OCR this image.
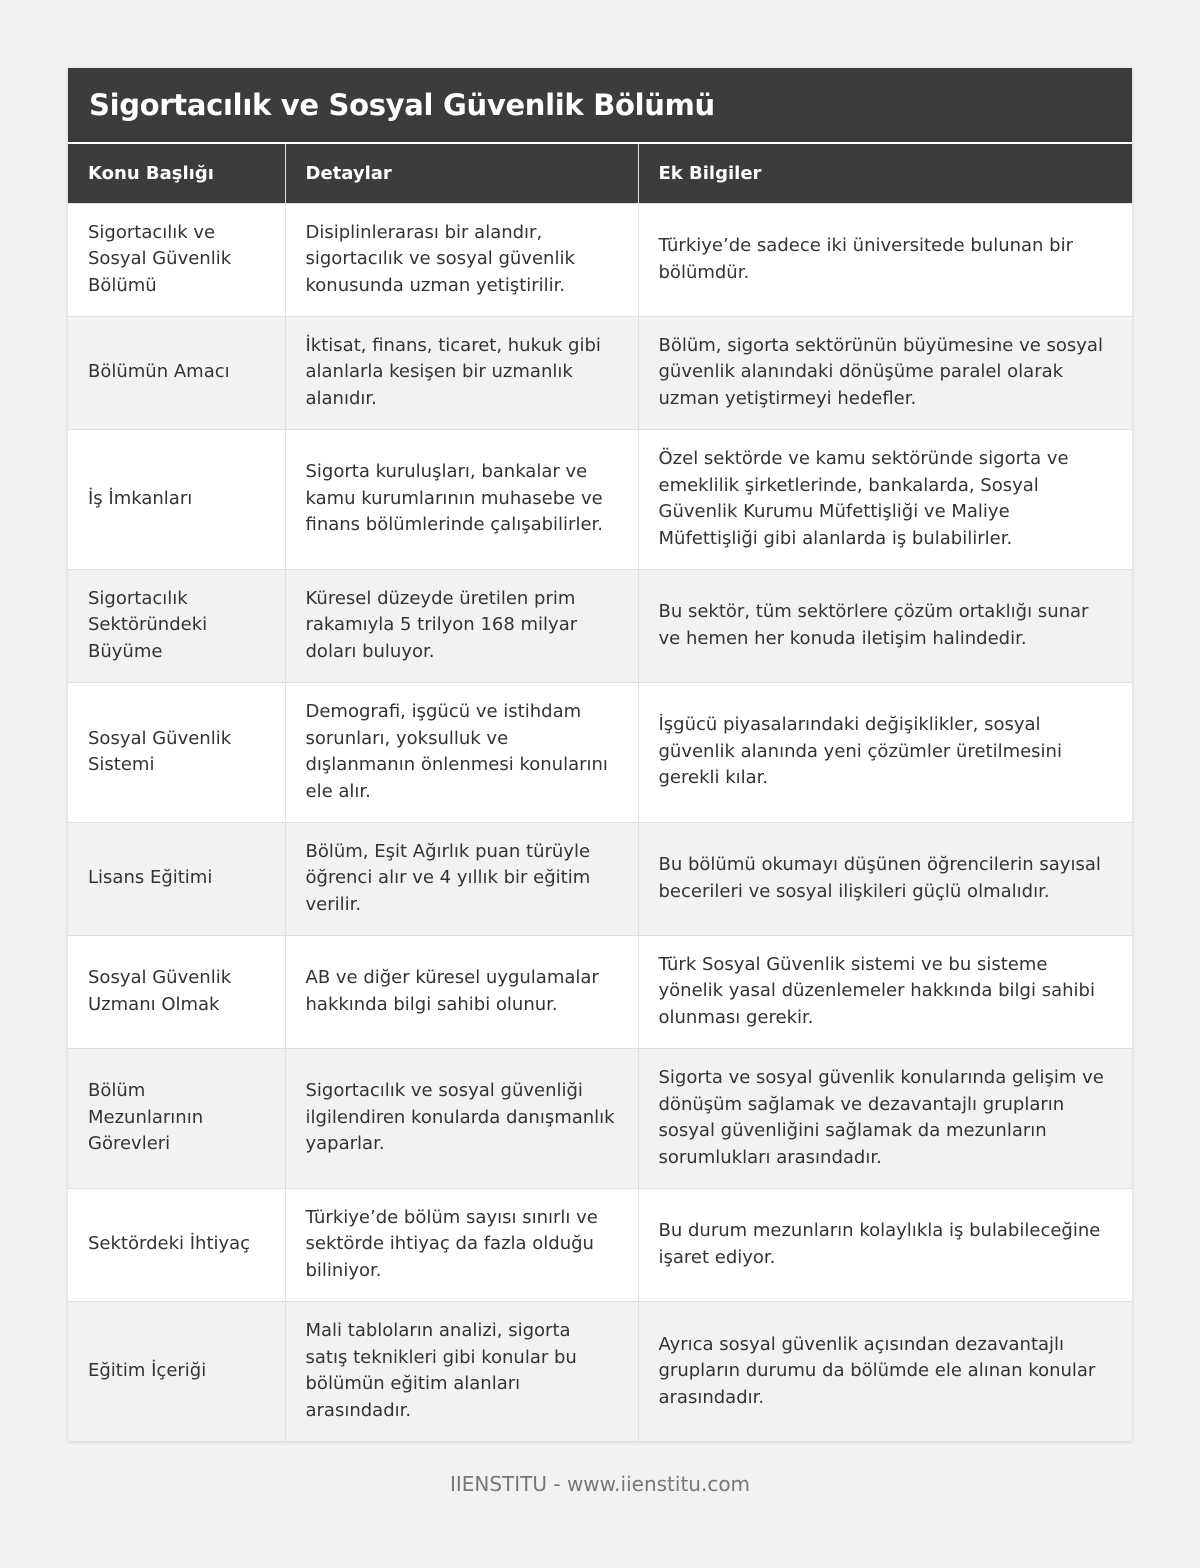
Sigortacılık ve Sosyal Güvenlik Bölümü
Konu Başlığı	Detaylar	Ek Bilgiler
Sigortacılık ve Sosyal Güvenlik Bölümü	Disiplinlerarası bir alandır, sigortacılık ve sosyal güvenlik konusunda uzman yetiştirilir.	Türkiye’de sadece iki üniversitede bulunan bir bölümdür.
Bölümün Amacı	İktisat, finans, ticaret, hukuk gibi alanlarla kesişen bir uzmanlık alanıdır.	Bölüm, sigorta sektörünün büyümesine ve sosyal güvenlik alanındaki dönüşüme paralel olarak uzman yetiştirmeyi hedefler.
İş İmkanları	Sigorta kuruluşları, bankalar ve kamu kurumlarının muhasebe ve finans bölümlerinde çalışabilirler.	Özel sektörde ve kamu sektöründe sigorta ve emeklilik şirketlerinde, bankalarda, Sosyal Güvenlik Kurumu Müfettişliği ve Maliye Müfettişliği gibi alanlarda iş bulabilirler.
Sigortacılık Sektöründeki Büyüme	Küresel düzeyde üretilen prim rakamıyla 5 trilyon 168 milyar doları buluyor.	Bu sektör, tüm sektörlere çözüm ortaklığı sunar ve hemen her konuda iletişim halindedir.
Sosyal Güvenlik Sistemi	Demografi, işgücü ve istihdam sorunları, yoksulluk ve dışlanmanın önlenmesi konularını ele alır.	İşgücü piyasalarındaki değişiklikler, sosyal güvenlik alanında yeni çözümler üretilmesini gerekli kılar.
Lisans Eğitimi	Bölüm, Eşit Ağırlık puan türüyle öğrenci alır ve 4 yıllık bir eğitim verilir.	Bu bölümü okumayı düşünen öğrencilerin sayısal becerileri ve sosyal ilişkileri güçlü olmalıdır.
Sosyal Güvenlik Uzmanı Olmak	AB ve diğer küresel uygulamalar hakkında bilgi sahibi olunur.	Türk Sosyal Güvenlik sistemi ve bu sisteme yönelik yasal düzenlemeler hakkında bilgi sahibi olunması gerekir.
Bölüm Mezunlarının Görevleri	Sigortacılık ve sosyal güvenliği ilgilendiren konularda danışmanlık yaparlar.	Sigorta ve sosyal güvenlik konularında gelişim ve dönüşüm sağlamak ve dezavantajlı grupların sosyal güvenliğini sağlamak da mezunların sorumlukları arasındadır.
Sektördeki İhtiyaç	Türkiye’de bölüm sayısı sınırlı ve sektörde ihtiyaç da fazla olduğu biliniyor.	Bu durum mezunların kolaylıkla iş bulabileceğine işaret ediyor.
Eğitim İçeriği	Mali tabloların analizi, sigorta satış teknikleri gibi konular bu bölümün eğitim alanları arasındadır.	Ayrıca sosyal güvenlik açısından dezavantajlı grupların durumu da bölümde ele alınan konular arasındadır.
IIENSTITU - www.iienstitu.com
